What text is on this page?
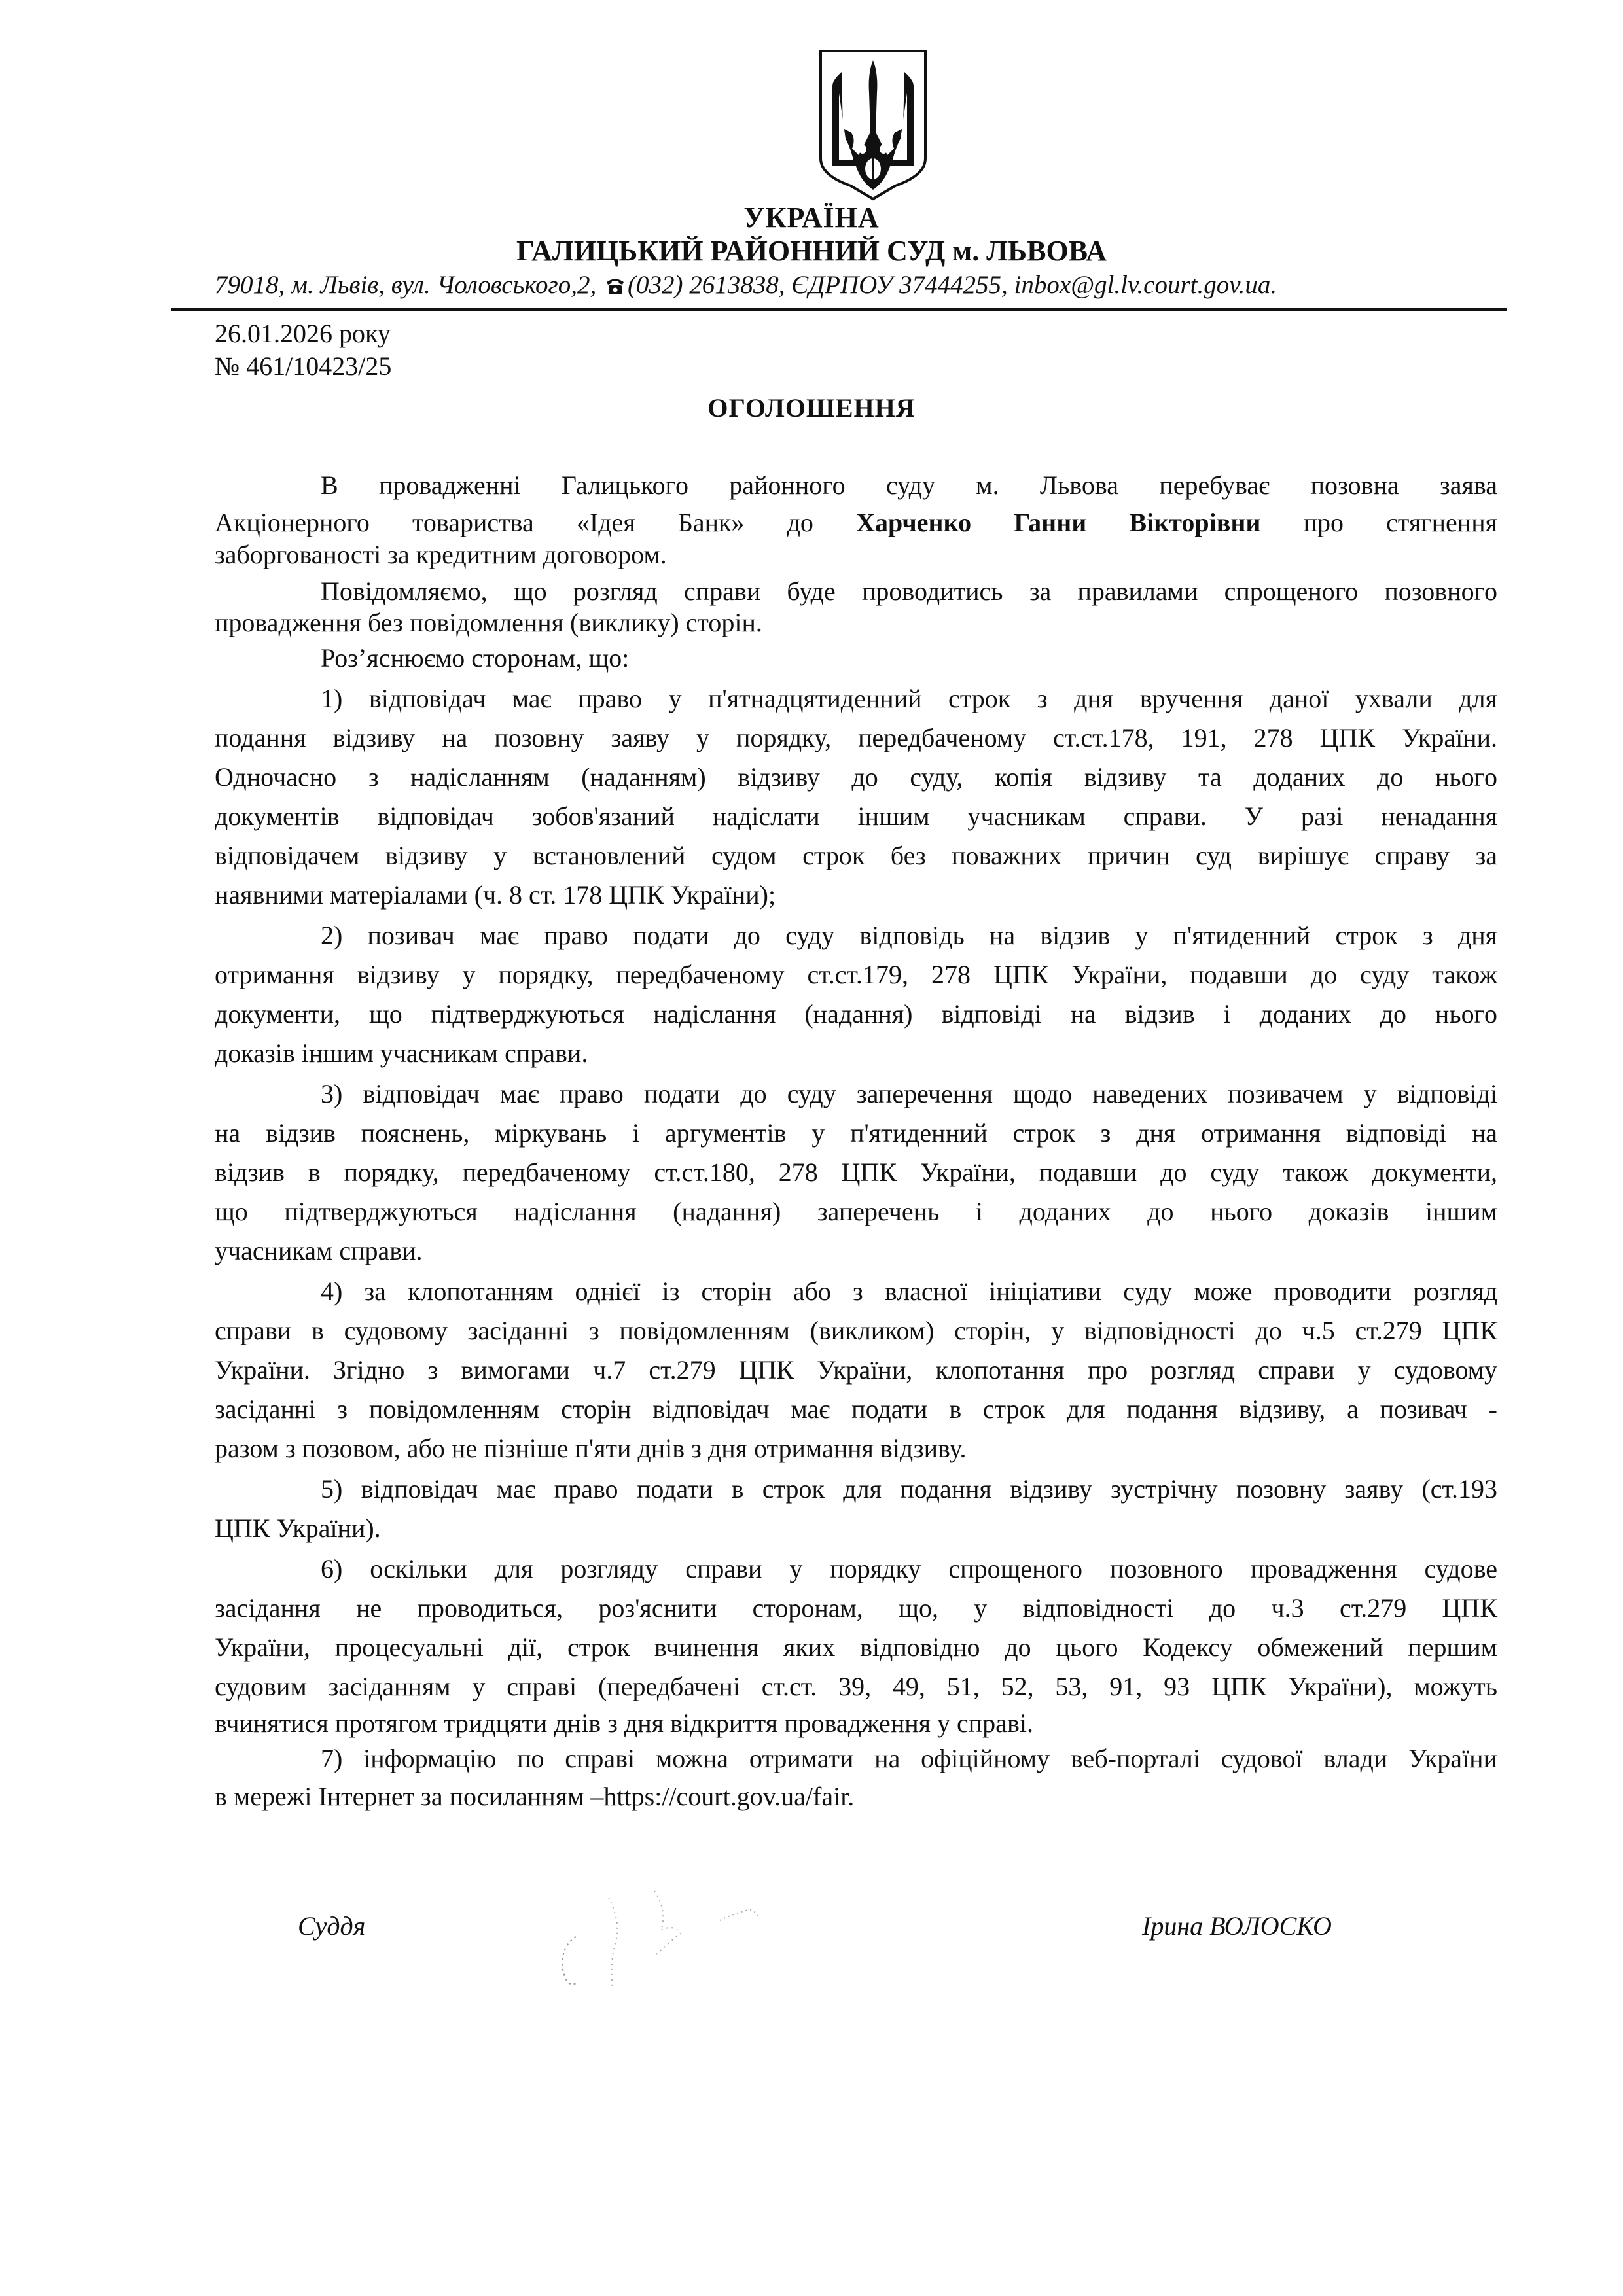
УКРАЇНА
ГАЛИЦЬКИЙ РАЙОННИЙ СУД м. ЛЬВОВА
79018, м. Львів, вул. Чоловського,2, (032) 2613838, ЄДРПОУ 37444255, inbox@gl.lv.court.gov.ua.
26.01.2026 року
№ 461/10423/25
ОГОЛОШЕННЯ
В провадженні Галицького районного суду м. Львова перебуває позовна заява
Акціонерного товариства «Ідея Банк» до Харченко Ганни Вікторівни про стягнення
заборгованості за кредитним договором.
Повідомляємо, що розгляд справи буде проводитись за правилами спрощеного позовного
провадження без повідомлення (виклику) сторін.
Роз’яснюємо сторонам, що:
1) відповідач має право у п'ятнадцятиденний строк з дня вручення даної ухвали для
подання відзиву на позовну заяву у порядку, передбаченому ст.ст.178, 191, 278 ЦПК України.
Одночасно з надісланням (наданням) відзиву до суду, копія відзиву та доданих до нього
документів відповідач зобов'язаний надіслати іншим учасникам справи. У разі ненадання
відповідачем відзиву у встановлений судом строк без поважних причин суд вирішує справу за
наявними матеріалами (ч. 8 ст. 178 ЦПК України);
2) позивач має право подати до суду відповідь на відзив у п'ятиденний строк з дня
отримання відзиву у порядку, передбаченому ст.ст.179, 278 ЦПК України, подавши до суду також
документи, що підтверджуються надіслання (надання) відповіді на відзив і доданих до нього
доказів іншим учасникам справи.
3) відповідач має право подати до суду заперечення щодо наведених позивачем у відповіді
на відзив пояснень, міркувань і аргументів у п'ятиденний строк з дня отримання відповіді на
відзив в порядку, передбаченому ст.ст.180, 278 ЦПК України, подавши до суду також документи,
що підтверджуються надіслання (надання) заперечень і доданих до нього доказів іншим
учасникам справи.
4) за клопотанням однієї із сторін або з власної ініціативи суду може проводити розгляд
справи в судовому засіданні з повідомленням (викликом) сторін, у відповідності до ч.5 ст.279 ЦПК
України. Згідно з вимогами ч.7 ст.279 ЦПК України, клопотання про розгляд справи у судовому
засіданні з повідомленням сторін відповідач має подати в строк для подання відзиву, а позивач -
разом з позовом, або не пізніше п'яти днів з дня отримання відзиву.
5) відповідач має право подати в строк для подання відзиву зустрічну позовну заяву (ст.193
ЦПК України).
6) оскільки для розгляду справи у порядку спрощеного позовного провадження судове
засідання не проводиться, роз'яснити сторонам, що, у відповідності до ч.3 ст.279 ЦПК
України, процесуальні дії, строк вчинення яких відповідно до цього Кодексу обмежений першим
судовим засіданням у справі (передбачені ст.ст. 39, 49, 51, 52, 53, 91, 93 ЦПК України), можуть
вчинятися протягом тридцяти днів з дня відкриття провадження у справі.
7) інформацію по справі можна отримати на офіційному веб-порталі судової влади України
в мережі Інтернет за посиланням –https://court.gov.ua/fair.
Суддя	Ірина ВОЛОСКО
